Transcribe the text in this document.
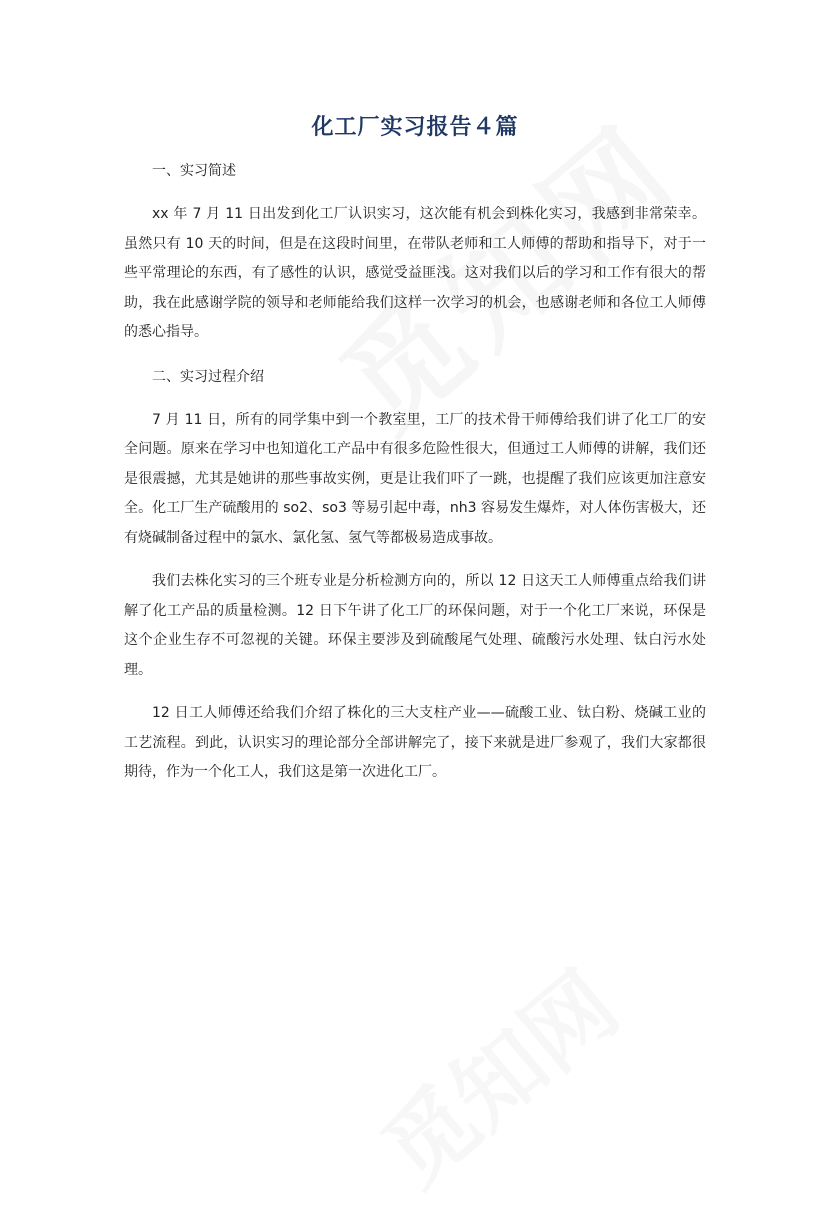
化工厂实习报告４篇
一、实习简述

xx 年 7 月 11 日出发到化工厂认识实习，这次能有机会到株化实习，我感到非常荣幸。虽然只有 10 天的时间，但是在这段时间里，在带队老师和工人师傅的帮助和指导下，对于一些平常理论的东西，有了感性的认识，感觉受益匪浅。这对我们以后的学习和工作有很大的帮助，我在此感谢学院的领导和老师能给我们这样一次学习的机会，也感谢老师和各位工人师傅的悉心指导。

二、实习过程介绍

7 月 11 日，所有的同学集中到一个教室里，工厂的技术骨干师傅给我们讲了化工厂的安全问题。原来在学习中也知道化工产品中有很多危险性很大，但通过工人师傅的讲解，我们还是很震撼，尤其是她讲的那些事故实例，更是让我们吓了一跳，也提醒了我们应该更加注意安全。化工厂生产硫酸用的 so2、so3 等易引起中毒，nh3 容易发生爆炸，对人体伤害极大，还有烧碱制备过程中的氯水、氯化氢、氢气等都极易造成事故。

我们去株化实习的三个班专业是分析检测方向的，所以 12 日这天工人师傅重点给我们讲解了化工产品的质量检测。12 日下午讲了化工厂的环保问题，对于一个化工厂来说，环保是这个企业生存不可忽视的关键。环保主要涉及到硫酸尾气处理、硫酸污水处理、钛白污水处理。

12 日工人师傅还给我们介绍了株化的三大支柱产业——硫酸工业、钛白粉、烧碱工业的工艺流程。到此，认识实习的理论部分全部讲解完了，接下来就是进厂参观了，我们大家都很期待，作为一个化工人，我们这是第一次进化工厂。
